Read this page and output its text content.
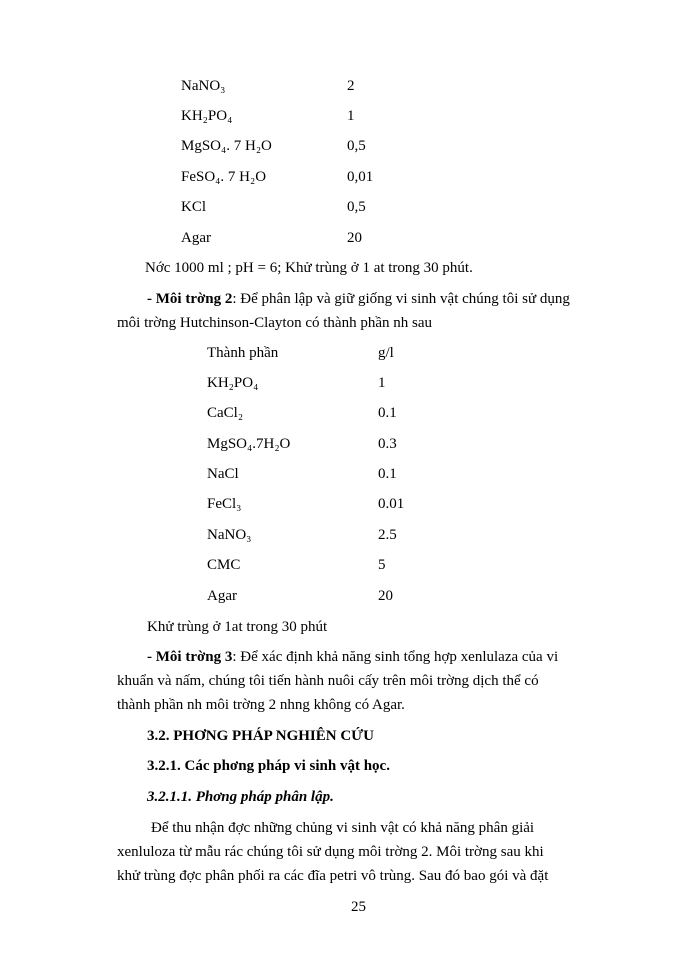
NaNO₃	2
KH₂PO₄	1
MgSO₄. 7 H₂O	0,5
FeSO₄. 7 H₂O	0,01
KCl	0,5
Agar	20
Nớc 1000 ml ; pH = 6; Khử trùng ở 1 at trong 30 phút.
- Môi trờng 2: Để phân lập và giữ giống vi sinh vật chúng tôi sử dụng
môi trờng Hutchinson-Clayton có thành phần nh sau
Thành phần	g/l
KH₂PO₄	1
CaCl₂	0.1
MgSO₄.7H₂O	0.3
NaCl	0.1
FeCl₃	0.01
NaNO₃	2.5
CMC	5
Agar	20
Khử trùng ở 1at trong 30 phút
- Môi trờng 3: Để xác định khả năng sinh tổng hợp xenlulaza của vi
khuẩn và nấm, chúng tôi tiến hành nuôi cấy trên môi trờng dịch thể có
thành phần nh môi trờng 2 nhng không có Agar.
3.2. PHƠNG PHÁP NGHIÊN CỨU
3.2.1. Các phơng pháp vi sinh vật học.
3.2.1.1. Phơng pháp phân lập.
Để thu nhận đợc những chủng vi sinh vật có khả năng phân giải
xenluloza từ mẫu rác chúng tôi sử dụng môi trờng 2. Môi trờng sau khi
khử trùng đợc phân phối ra các đĩa petri vô trùng. Sau đó bao gói và đặt
25
